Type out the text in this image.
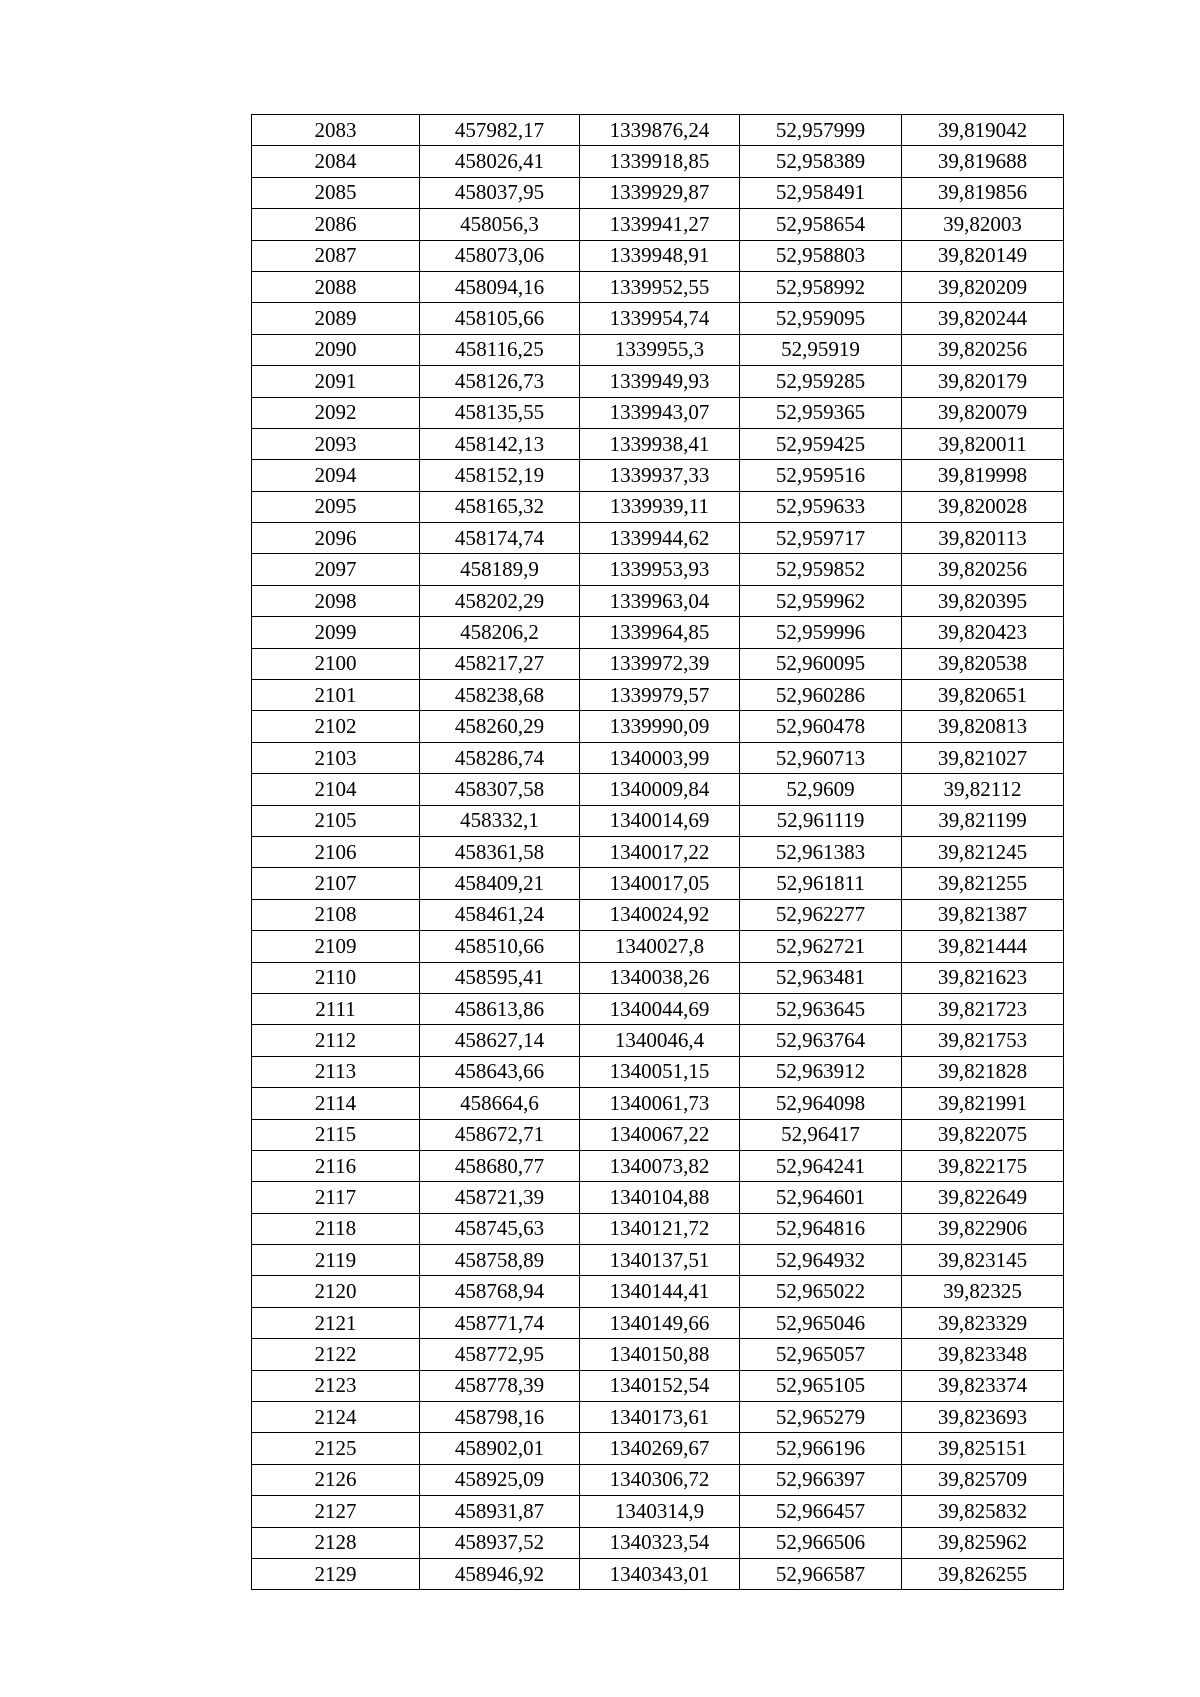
2083	457982,17	1339876,24	52,957999	39,819042
2084	458026,41	1339918,85	52,958389	39,819688
2085	458037,95	1339929,87	52,958491	39,819856
2086	458056,3	1339941,27	52,958654	39,82003
2087	458073,06	1339948,91	52,958803	39,820149
2088	458094,16	1339952,55	52,958992	39,820209
2089	458105,66	1339954,74	52,959095	39,820244
2090	458116,25	1339955,3	52,95919	39,820256
2091	458126,73	1339949,93	52,959285	39,820179
2092	458135,55	1339943,07	52,959365	39,820079
2093	458142,13	1339938,41	52,959425	39,820011
2094	458152,19	1339937,33	52,959516	39,819998
2095	458165,32	1339939,11	52,959633	39,820028
2096	458174,74	1339944,62	52,959717	39,820113
2097	458189,9	1339953,93	52,959852	39,820256
2098	458202,29	1339963,04	52,959962	39,820395
2099	458206,2	1339964,85	52,959996	39,820423
2100	458217,27	1339972,39	52,960095	39,820538
2101	458238,68	1339979,57	52,960286	39,820651
2102	458260,29	1339990,09	52,960478	39,820813
2103	458286,74	1340003,99	52,960713	39,821027
2104	458307,58	1340009,84	52,9609	39,82112
2105	458332,1	1340014,69	52,961119	39,821199
2106	458361,58	1340017,22	52,961383	39,821245
2107	458409,21	1340017,05	52,961811	39,821255
2108	458461,24	1340024,92	52,962277	39,821387
2109	458510,66	1340027,8	52,962721	39,821444
2110	458595,41	1340038,26	52,963481	39,821623
2111	458613,86	1340044,69	52,963645	39,821723
2112	458627,14	1340046,4	52,963764	39,821753
2113	458643,66	1340051,15	52,963912	39,821828
2114	458664,6	1340061,73	52,964098	39,821991
2115	458672,71	1340067,22	52,96417	39,822075
2116	458680,77	1340073,82	52,964241	39,822175
2117	458721,39	1340104,88	52,964601	39,822649
2118	458745,63	1340121,72	52,964816	39,822906
2119	458758,89	1340137,51	52,964932	39,823145
2120	458768,94	1340144,41	52,965022	39,82325
2121	458771,74	1340149,66	52,965046	39,823329
2122	458772,95	1340150,88	52,965057	39,823348
2123	458778,39	1340152,54	52,965105	39,823374
2124	458798,16	1340173,61	52,965279	39,823693
2125	458902,01	1340269,67	52,966196	39,825151
2126	458925,09	1340306,72	52,966397	39,825709
2127	458931,87	1340314,9	52,966457	39,825832
2128	458937,52	1340323,54	52,966506	39,825962
2129	458946,92	1340343,01	52,966587	39,826255
